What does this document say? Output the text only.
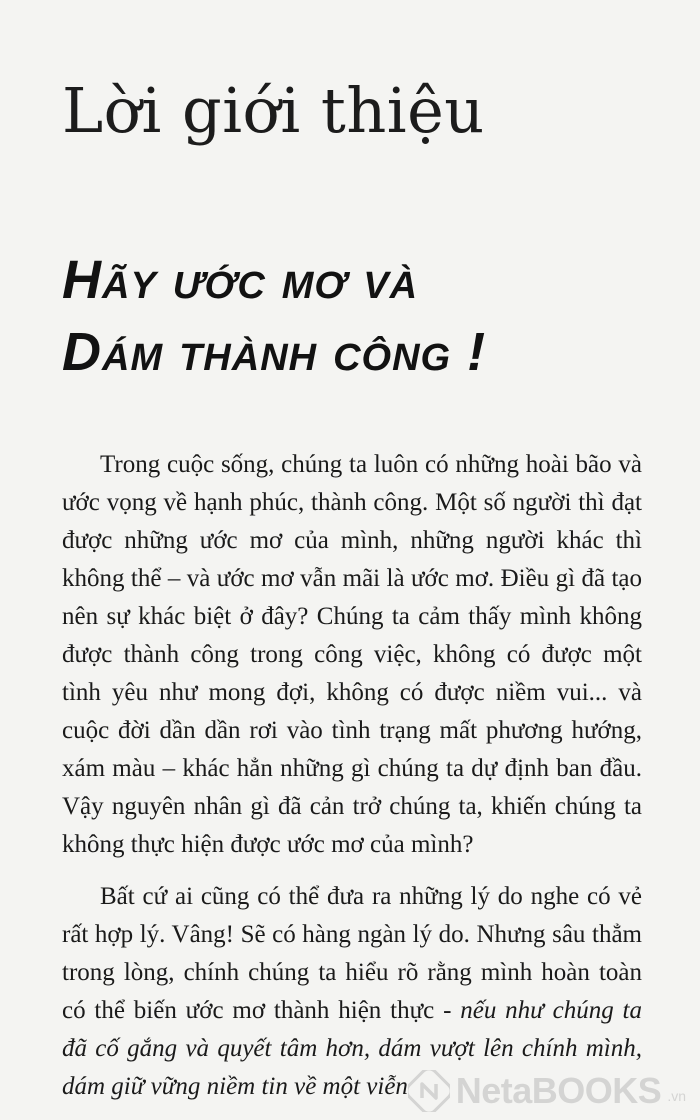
Lời giới thiệu
Hãy ước mơ và
Dám thành công !

Trong cuộc sống, chúng ta luôn có những hoài bão và ước vọng về hạnh phúc, thành công. Một số người thì đạt được những ước mơ của mình, những người khác thì không thể – và ước mơ vẫn mãi là ước mơ. Điều gì đã tạo nên sự khác biệt ở đây? Chúng ta cảm thấy mình không được thành công trong công việc, không có được một tình yêu như mong đợi, không có được niềm vui... và cuộc đời dần dần rơi vào tình trạng mất phương hướng, xám màu – khác hẳn những gì chúng ta dự định ban đầu. Vậy nguyên nhân gì đã cản trở chúng ta, khiến chúng ta không thực hiện được ước mơ của mình?

Bất cứ ai cũng có thể đưa ra những lý do nghe có vẻ rất hợp lý. Vâng! Sẽ có hàng ngàn lý do. Nhưng sâu thẳm trong lòng, chính chúng ta hiểu rõ rằng mình hoàn toàn có thể biến ước mơ thành hiện thực - nếu như chúng ta đã cố gắng và quyết tâm hơn, dám vượt lên chính mình, dám giữ vững niềm tin về một viễn	NetaBOOKS .vn
